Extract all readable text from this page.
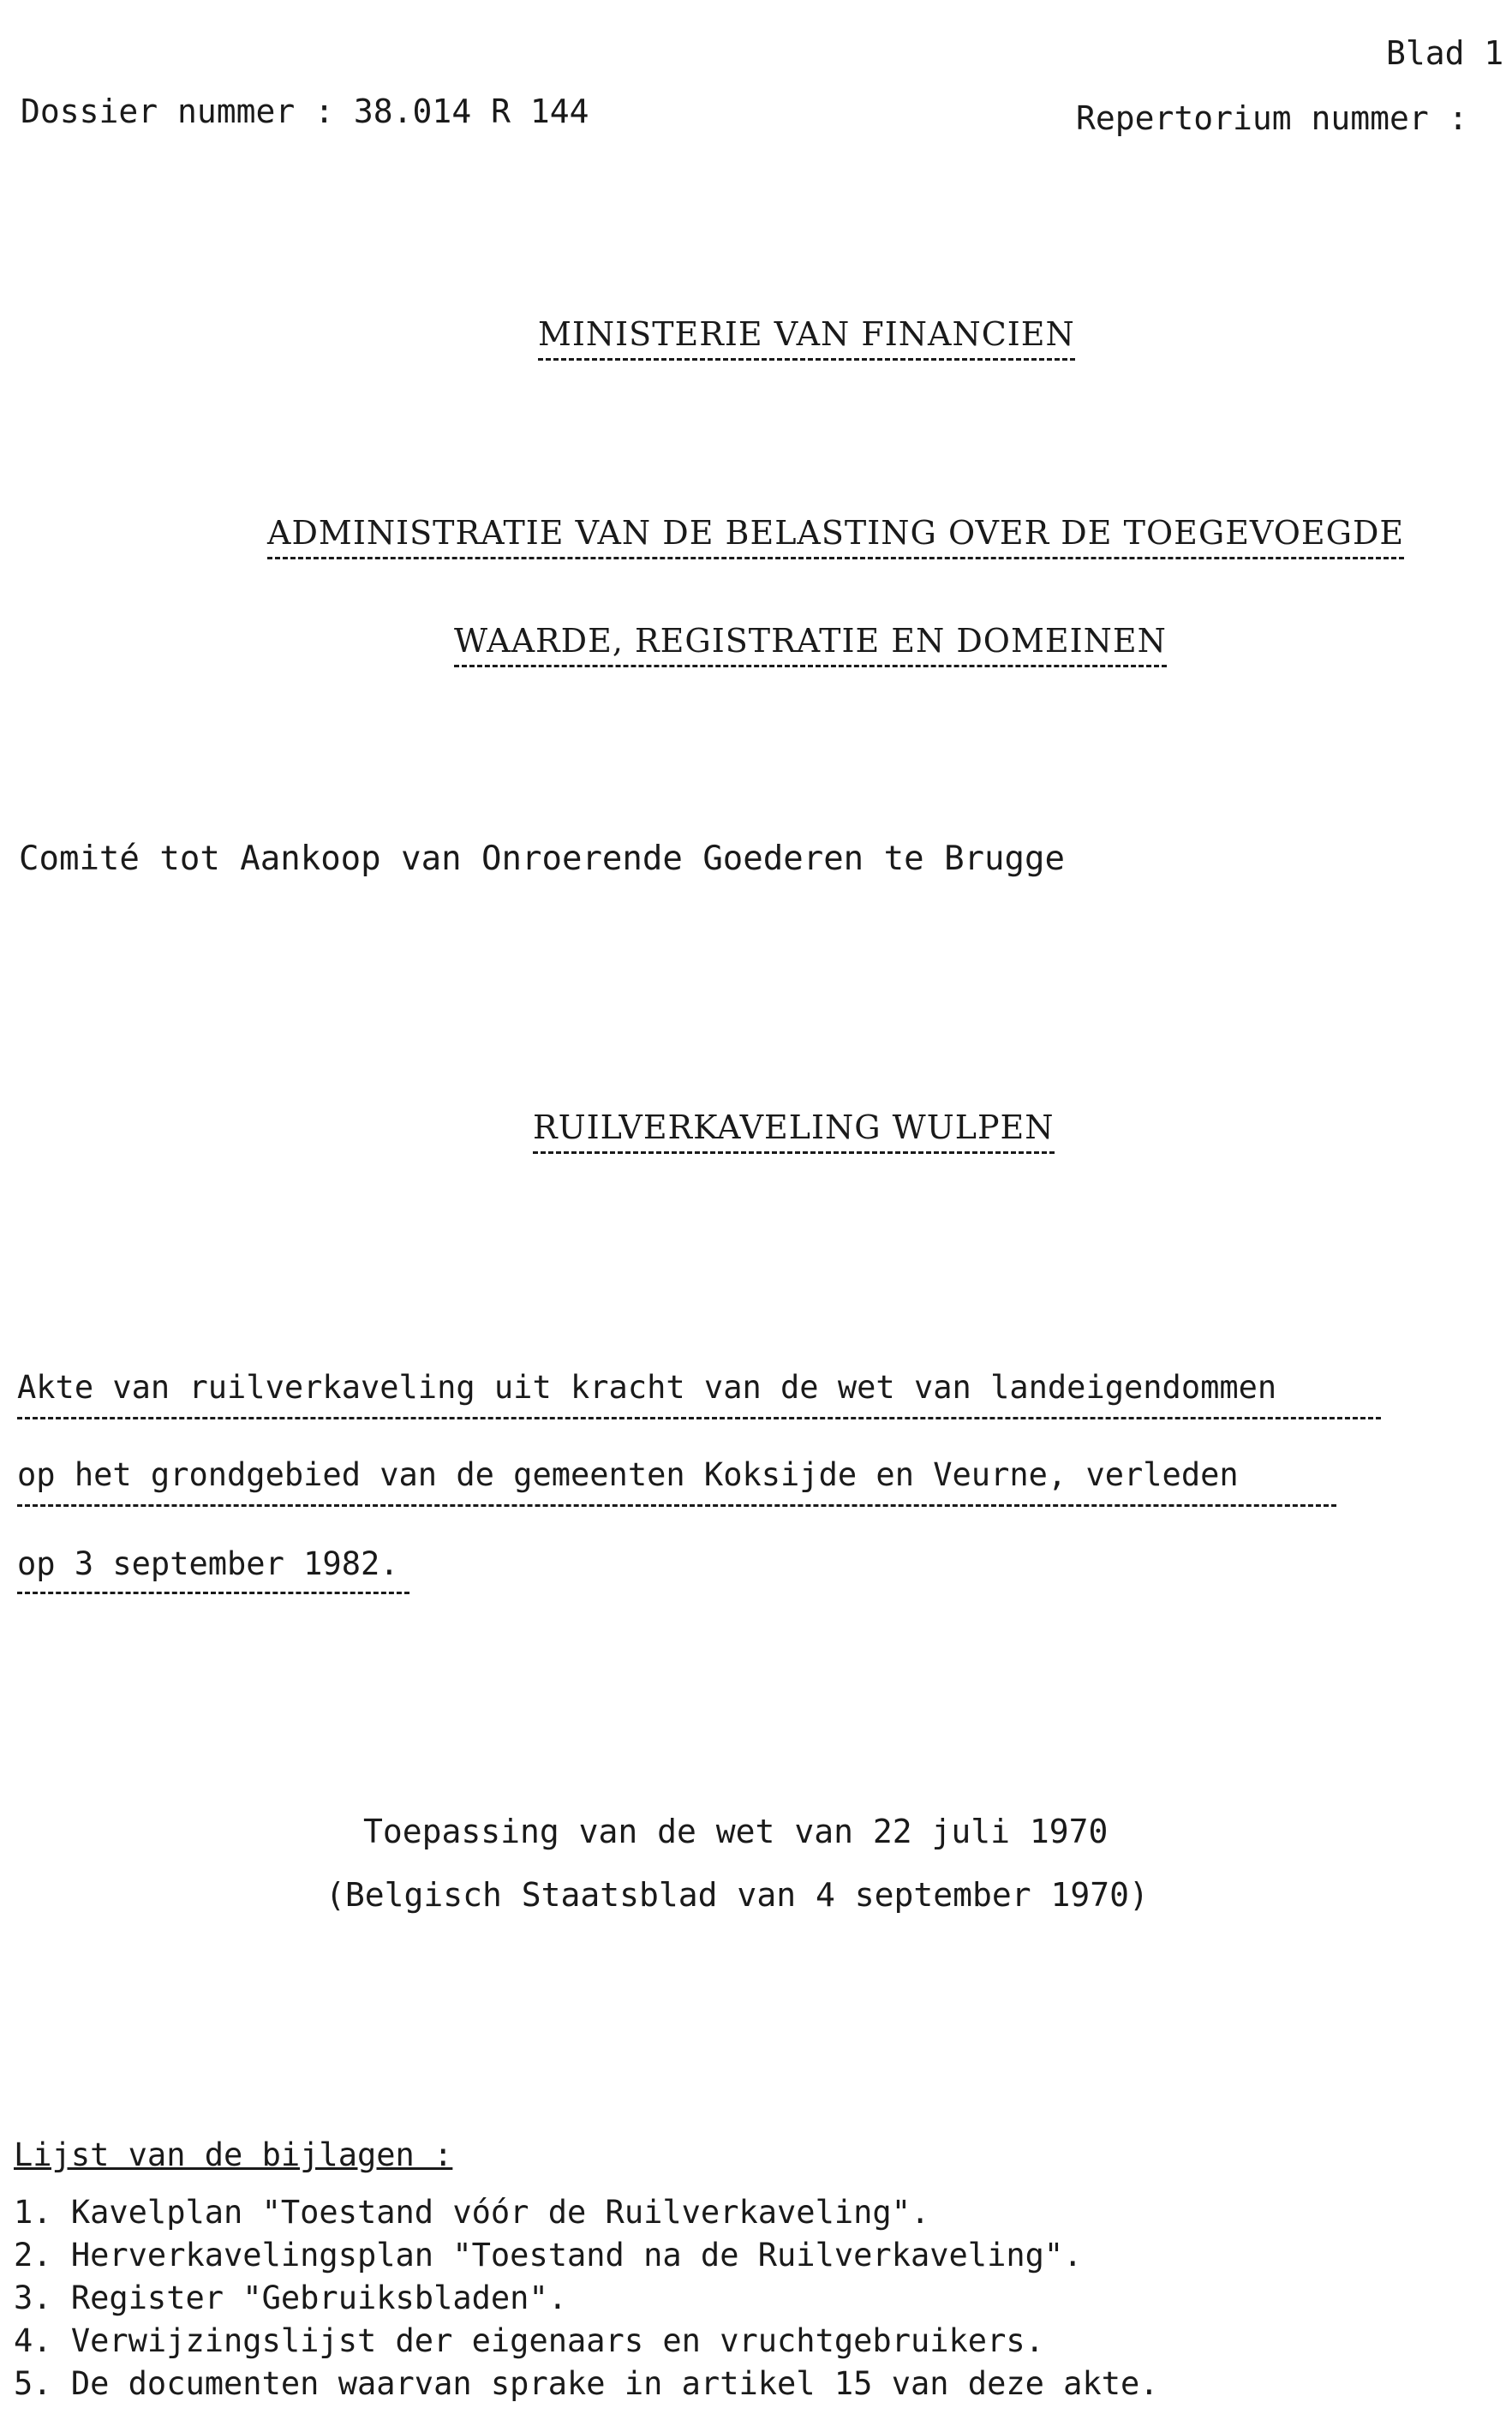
Blad 1
Dossier nummer : 38.014 R 144	Repertorium nummer :
MINISTERIE VAN FINANCIEN
ADMINISTRATIE VAN DE BELASTING OVER DE TOEGEVOEGDE
WAARDE, REGISTRATIE EN DOMEINEN
Comité tot Aankoop van Onroerende Goederen te Brugge
RUILVERKAVELING WULPEN
Akte van ruilverkaveling uit kracht van de wet van landeigendommen
op het grondgebied van de gemeenten Koksijde en Veurne, verleden
op 3 september 1982.
Toepassing van de wet van 22 juli 1970
(Belgisch Staatsblad van 4 september 1970)
Lijst van de bijlagen :
1. Kavelplan "Toestand vóór de Ruilverkaveling".
2. Herverkavelingsplan "Toestand na de Ruilverkaveling".
3. Register "Gebruiksbladen".
4. Verwijzingslijst der eigenaars en vruchtgebruikers.
5. De documenten waarvan sprake in artikel 15 van deze akte.
